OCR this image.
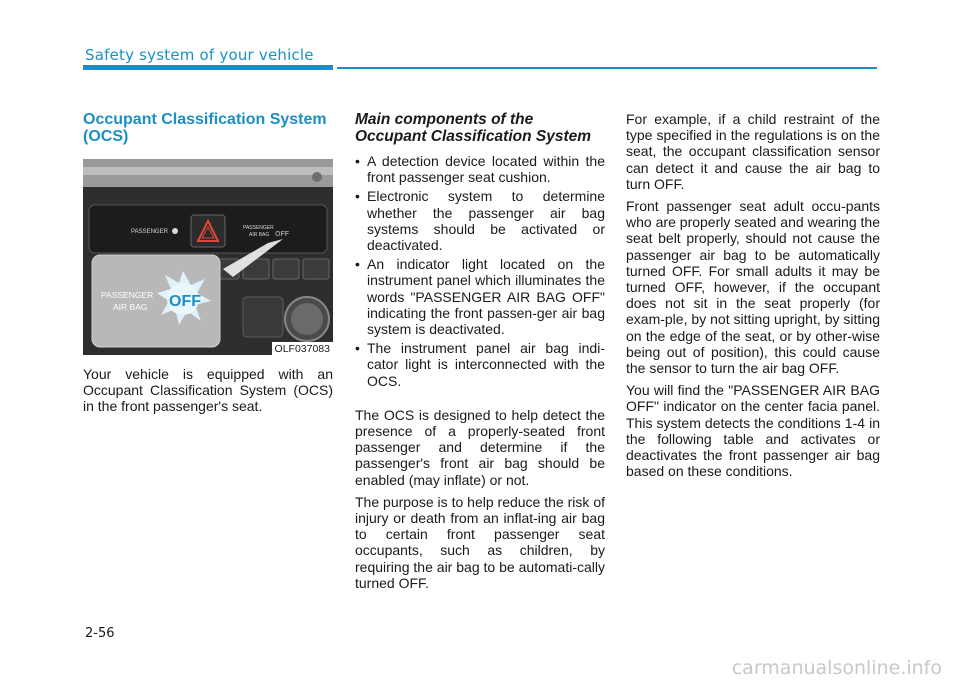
Safety system of your vehicle
Occupant Classification System (OCS)
PASSENGER
PASSENGER
AIR BAG OFF
PASSENGER
AIR BAG OFF
OLF037083

Your vehicle is equipped with an Occupant Classification System (OCS) in the front passenger's seat.

Main components of the
Occupant Classification System
• A detection device located within the front passenger seat cushion.
• Electronic system to determine whether the passenger air bag systems should be activated or deactivated.
• An indicator light located on the instrument panel which illuminates the words "PASSENGER AIR BAG OFF" indicating the front passen-ger air bag system is deactivated.
• The instrument panel air bag indi-cator light is interconnected with the OCS.

The OCS is designed to help detect the presence of a properly-seated front passenger and determine if the passenger's front air bag should be enabled (may inflate) or not.

The purpose is to help reduce the risk of injury or death from an inflat-ing air bag to certain front passenger seat occupants, such as children, by requiring the air bag to be automati-cally turned OFF.

For example, if a child restraint of the type specified in the regulations is on the seat, the occupant classification sensor can detect it and cause the air bag to turn OFF.

Front passenger seat adult occu-pants who are properly seated and wearing the seat belt properly, should not cause the passenger air bag to be automatically turned OFF. For small adults it may be turned OFF, however, if the occupant does not sit in the seat properly (for exam-ple, by not sitting upright, by sitting on the edge of the seat, or by other-wise being out of position), this could cause the sensor to turn the air bag OFF.

You will find the "PASSENGER AIR BAG OFF" indicator on the center facia panel. This system detects the conditions 1-4 in the following table and activates or deactivates the front passenger air bag based on these conditions.

2-56
carmanualsonline.info
